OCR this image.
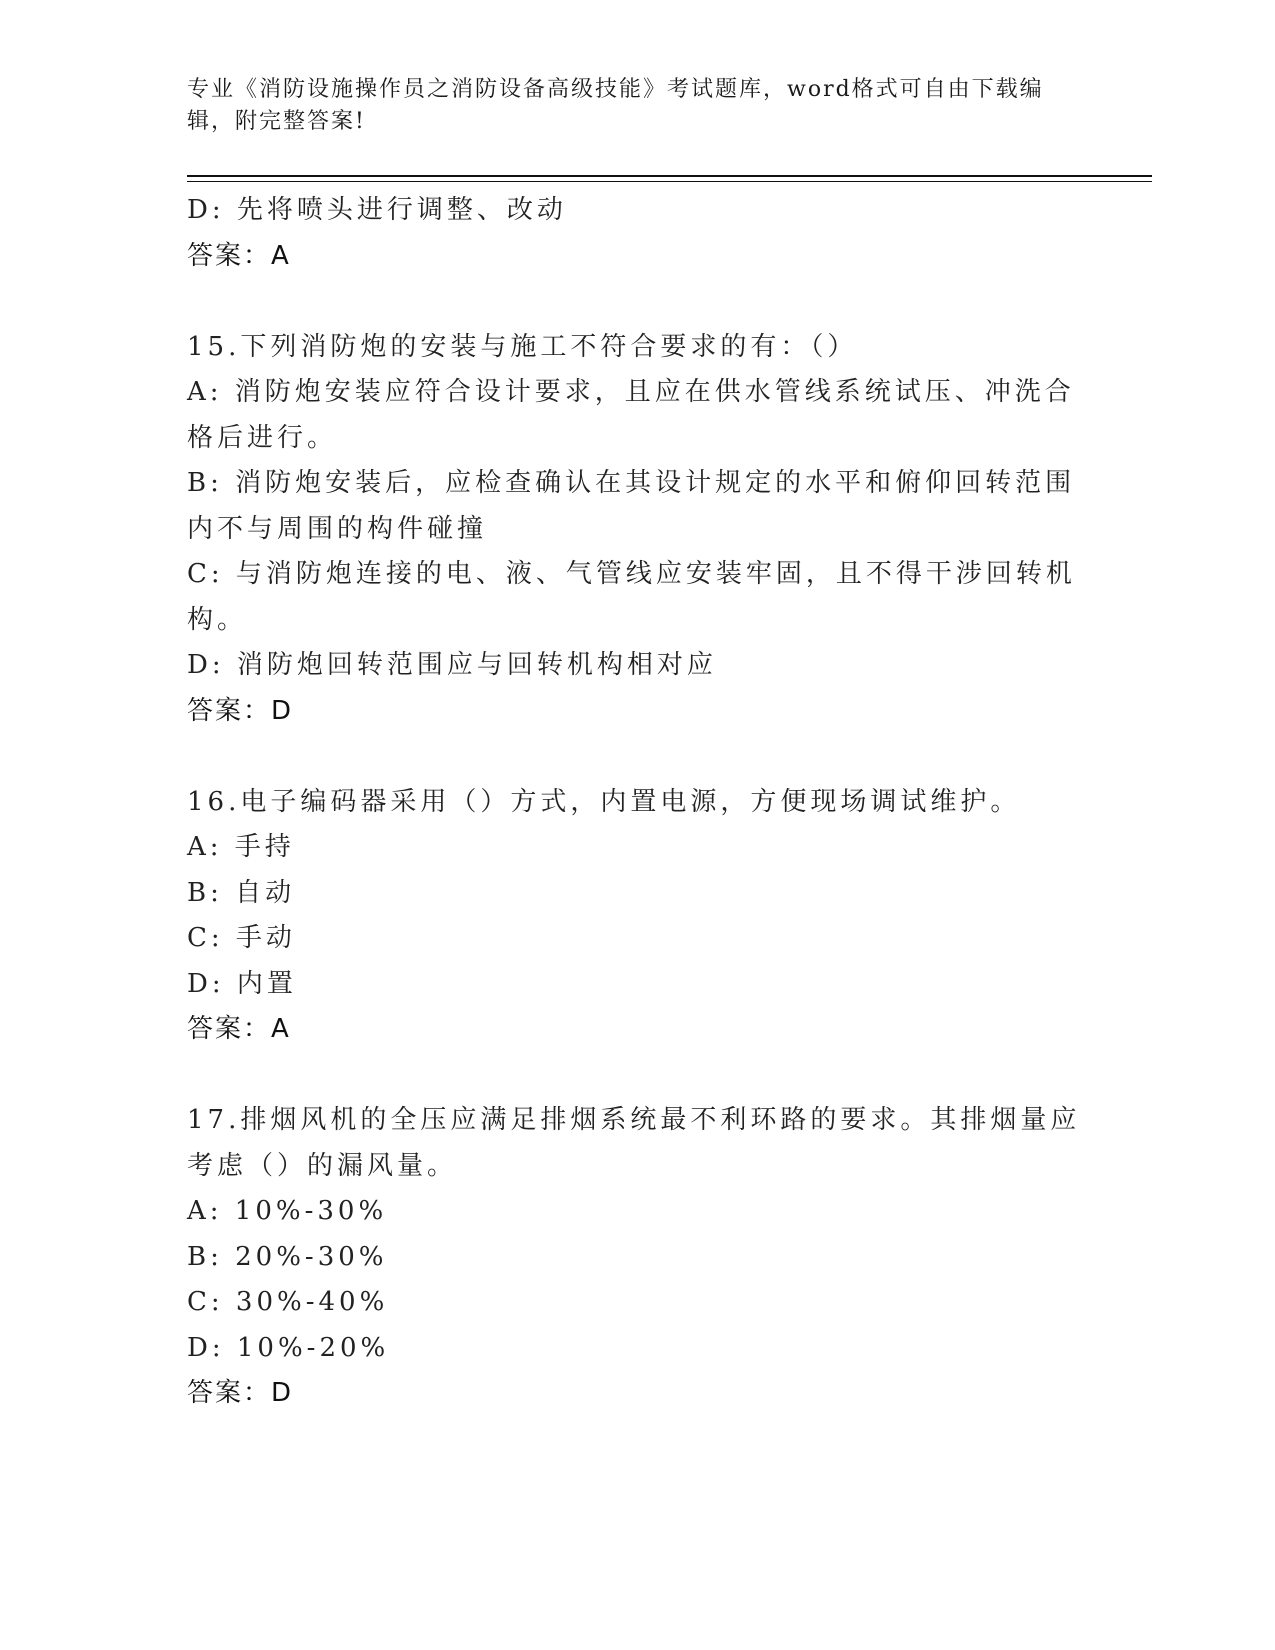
专业《消防设施操作员之消防设备高级技能》考试题库，word格式可自由下载编辑，附完整答案!

D: 先将喷头进行调整、改动

答案：A

15.下列消防炮的安装与施工不符合要求的有：（）

A: 消防炮安装应符合设计要求，且应在供水管线系统试压、冲洗合格后进行。

B: 消防炮安装后，应检查确认在其设计规定的水平和俯仰回转范围内不与周围的构件碰撞

C: 与消防炮连接的电、液、气管线应安装牢固，且不得干涉回转机构。

D: 消防炮回转范围应与回转机构相对应

答案：D

16.电子编码器采用（）方式，内置电源，方便现场调试维护。

A: 手持

B: 自动

C: 手动

D: 内置

答案：A

17.排烟风机的全压应满足排烟系统最不利环路的要求。其排烟量应考虑（）的漏风量。

A: 10%-30%

B: 20%-30%

C: 30%-40%

D: 10%-20%

答案：D
